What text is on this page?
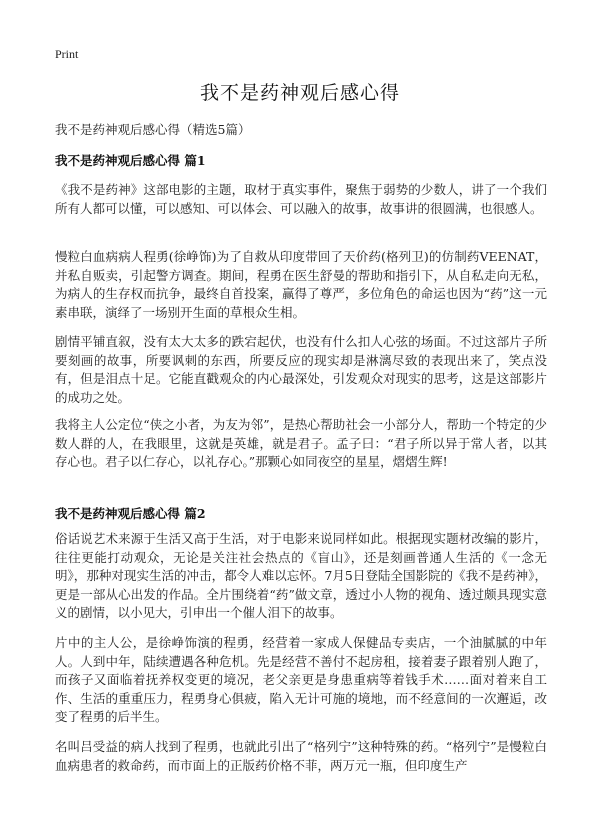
Print
我不是药神观后感心得
我不是药神观后感心得（精选5篇）
我不是药神观后感心得 篇1
《我不是药神》这部电影的主题，取材于真实事件，聚焦于弱势的少数人，讲了一个我们所有人都可以懂，可以感知、可以体会、可以融入的故事，故事讲的很圆满，也很感人。
慢粒白血病病人程勇(徐峥饰)为了自救从印度带回了天价药(格列卫)的仿制药VEENAT，并私自贩卖，引起警方调查。期间，程勇在医生舒曼的帮助和指引下，从自私走向无私，为病人的生存权而抗争，最终自首投案，赢得了尊严，多位角色的命运也因为“药”这一元素串联，演绎了一场别开生面的草根众生相。
剧情平铺直叙，没有太大太多的跌宕起伏，也没有什么扣人心弦的场面。不过这部片子所要刻画的故事，所要讽刺的东西，所要反应的现实却是淋漓尽致的表现出来了，笑点没有，但是泪点十足。它能直戳观众的内心最深处，引发观众对现实的思考，这是这部影片的成功之处。
我将主人公定位“侠之小者，为友为邻”，是热心帮助社会一小部分人，帮助一个特定的少数人群的人，在我眼里，这就是英雄，就是君子。孟子曰：“君子所以异于常人者，以其存心也。君子以仁存心，以礼存心。”那颗心如同夜空的星星，熠熠生辉!
我不是药神观后感心得 篇2
俗话说艺术来源于生活又高于生活，对于电影来说同样如此。根据现实题材改编的影片，往往更能打动观众，无论是关注社会热点的《盲山》，还是刻画普通人生活的《一念无明》，那种对现实生活的冲击，都令人难以忘怀。7月5日登陆全国影院的《我不是药神》，更是一部从心出发的作品。全片围绕着“药”做文章，透过小人物的视角、透过颇具现实意义的剧情，以小见大，引申出一个催人泪下的故事。
片中的主人公，是徐峥饰演的程勇，经营着一家成人保健品专卖店，一个油腻腻的中年人。人到中年，陆续遭遇各种危机。先是经营不善付不起房租，接着妻子跟着别人跑了，而孩子又面临着抚养权变更的境况，老父亲更是身患重病等着钱手术……面对着来自工作、生活的重重压力，程勇身心俱疲，陷入无计可施的境地，而不经意间的一次邂逅，改变了程勇的后半生。
名叫吕受益的病人找到了程勇，也就此引出了“格列宁”这种特殊的药。“格列宁”是慢粒白血病患者的救命药，而市面上的正版药价格不菲，两万元一瓶，但印度生产
